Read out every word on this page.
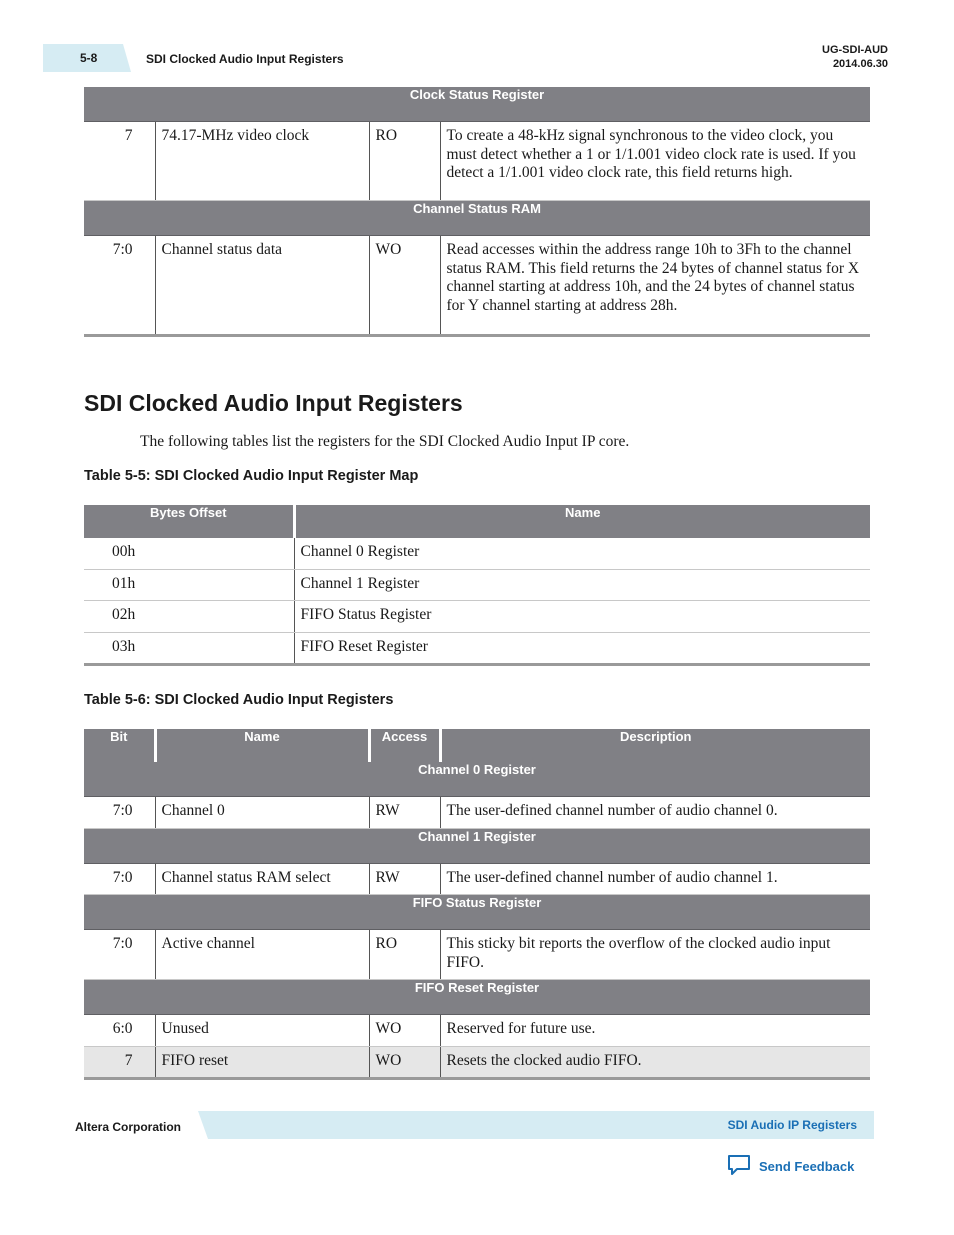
5-8	SDI Clocked Audio Input Registers
UG-SDI-AUD
2014.06.30
Clock Status Register			
7	74.17-MHz video clock	RO	To create a 48-kHz signal synchronous to the video clock, you must detect whether a 1 or 1/1.001 video clock rate is used. If you detect a 1/1.001 video clock rate, this field returns high.
Channel Status RAM			
7:0	Channel status data	WO	Read accesses within the address range 10h to 3Fh to the channel status RAM. This field returns the 24 bytes of channel status for X channel starting at address 10h, and the 24 bytes of channel status for Y channel starting at address 28h.
SDI Clocked Audio Input Registers

The following tables list the registers for the SDI Clocked Audio Input IP core.

Table 5-5: SDI Clocked Audio Input Register Map

Bytes Offset	Name
00h	Channel 0 Register
01h	Channel 1 Register
02h	FIFO Status Register
03h	FIFO Reset Register

Table 5-6: SDI Clocked Audio Input Registers

Bit	Name	Access	Description
Channel 0 Register			
7:0	Channel 0	RW	The user-defined channel number of audio channel 0.
Channel 1 Register			
7:0	Channel status RAM select	RW	The user-defined channel number of audio channel 1.
FIFO Status Register			
7:0	Active channel	RO	This sticky bit reports the overflow of the clocked audio input FIFO.
FIFO Reset Register			
6:0	Unused	WO	Reserved for future use.
7	FIFO reset	WO	Resets the clocked audio FIFO.
Altera Corporation	SDI Audio IP Registers
Send Feedback
